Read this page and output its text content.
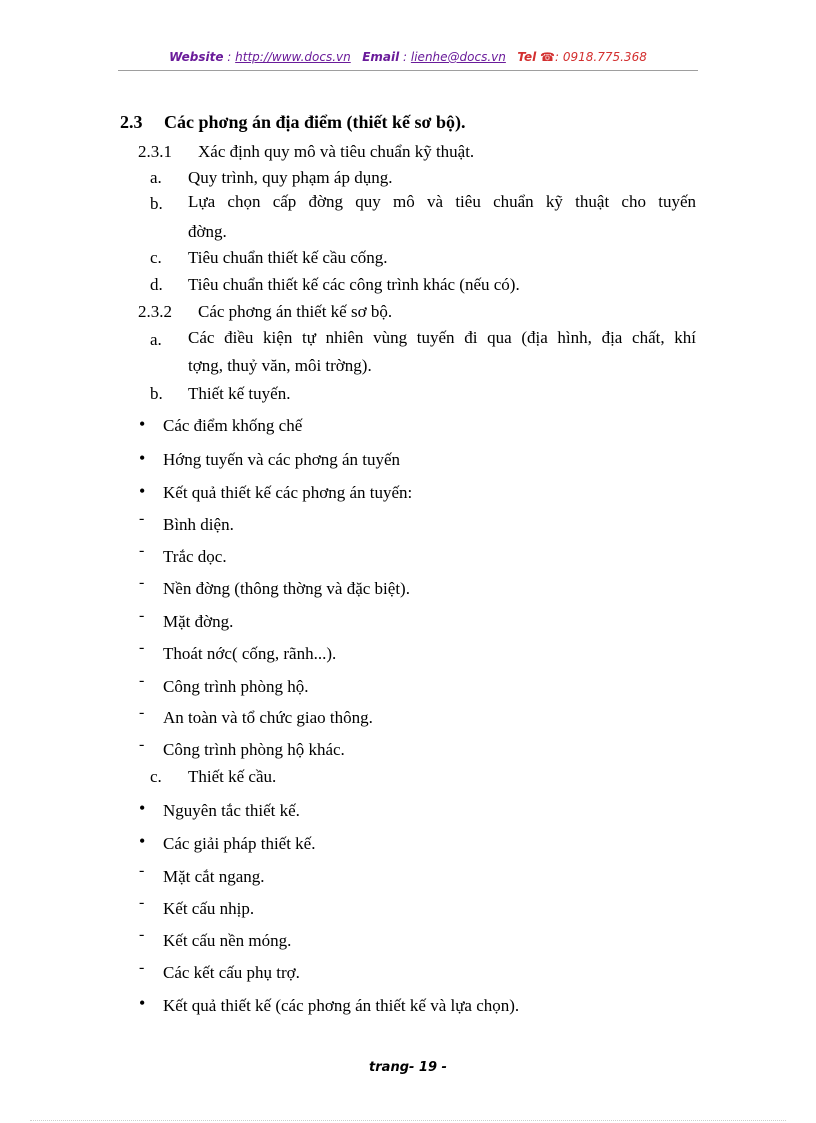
Website : http://www.docs.vn Email : lienhe@docs.vn Tel ☎: 0918.775.368
2.3 Các phơng án địa điểm (thiết kế sơ bộ).
2.3.1 Xác định quy mô và tiêu chuẩn kỹ thuật.
a. Quy trình, quy phạm áp dụng.
b. Lựa chọn cấp đờng quy mô và tiêu chuẩn kỹ thuật cho tuyến
đờng.
c. Tiêu chuẩn thiết kế cầu cống.
d. Tiêu chuẩn thiết kế các công trình khác (nếu có).
2.3.2 Các phơng án thiết kế sơ bộ.
a. Các điều kiện tự nhiên vùng tuyến đi qua (địa hình, địa chất, khí
tợng, thuỷ văn, môi trờng).
b. Thiết kế tuyến.
• Các điểm khống chế
• Hớng tuyến và các phơng án tuyến
• Kết quả thiết kế các phơng án tuyến:
- Bình diện.
- Trắc dọc.
- Nền đờng (thông thờng và đặc biệt).
- Mặt đờng.
- Thoát nớc( cống, rãnh...).
- Công trình phòng hộ.
- An toàn và tổ chức giao thông.
- Công trình phòng hộ khác.
c. Thiết kế cầu.
• Nguyên tắc thiết kế.
• Các giải pháp thiết kế.
- Mặt cắt ngang.
- Kết cấu nhịp.
- Kết cấu nền móng.
- Các kết cấu phụ trợ.
• Kết quả thiết kế (các phơng án thiết kế và lựa chọn).
trang- 19 -
